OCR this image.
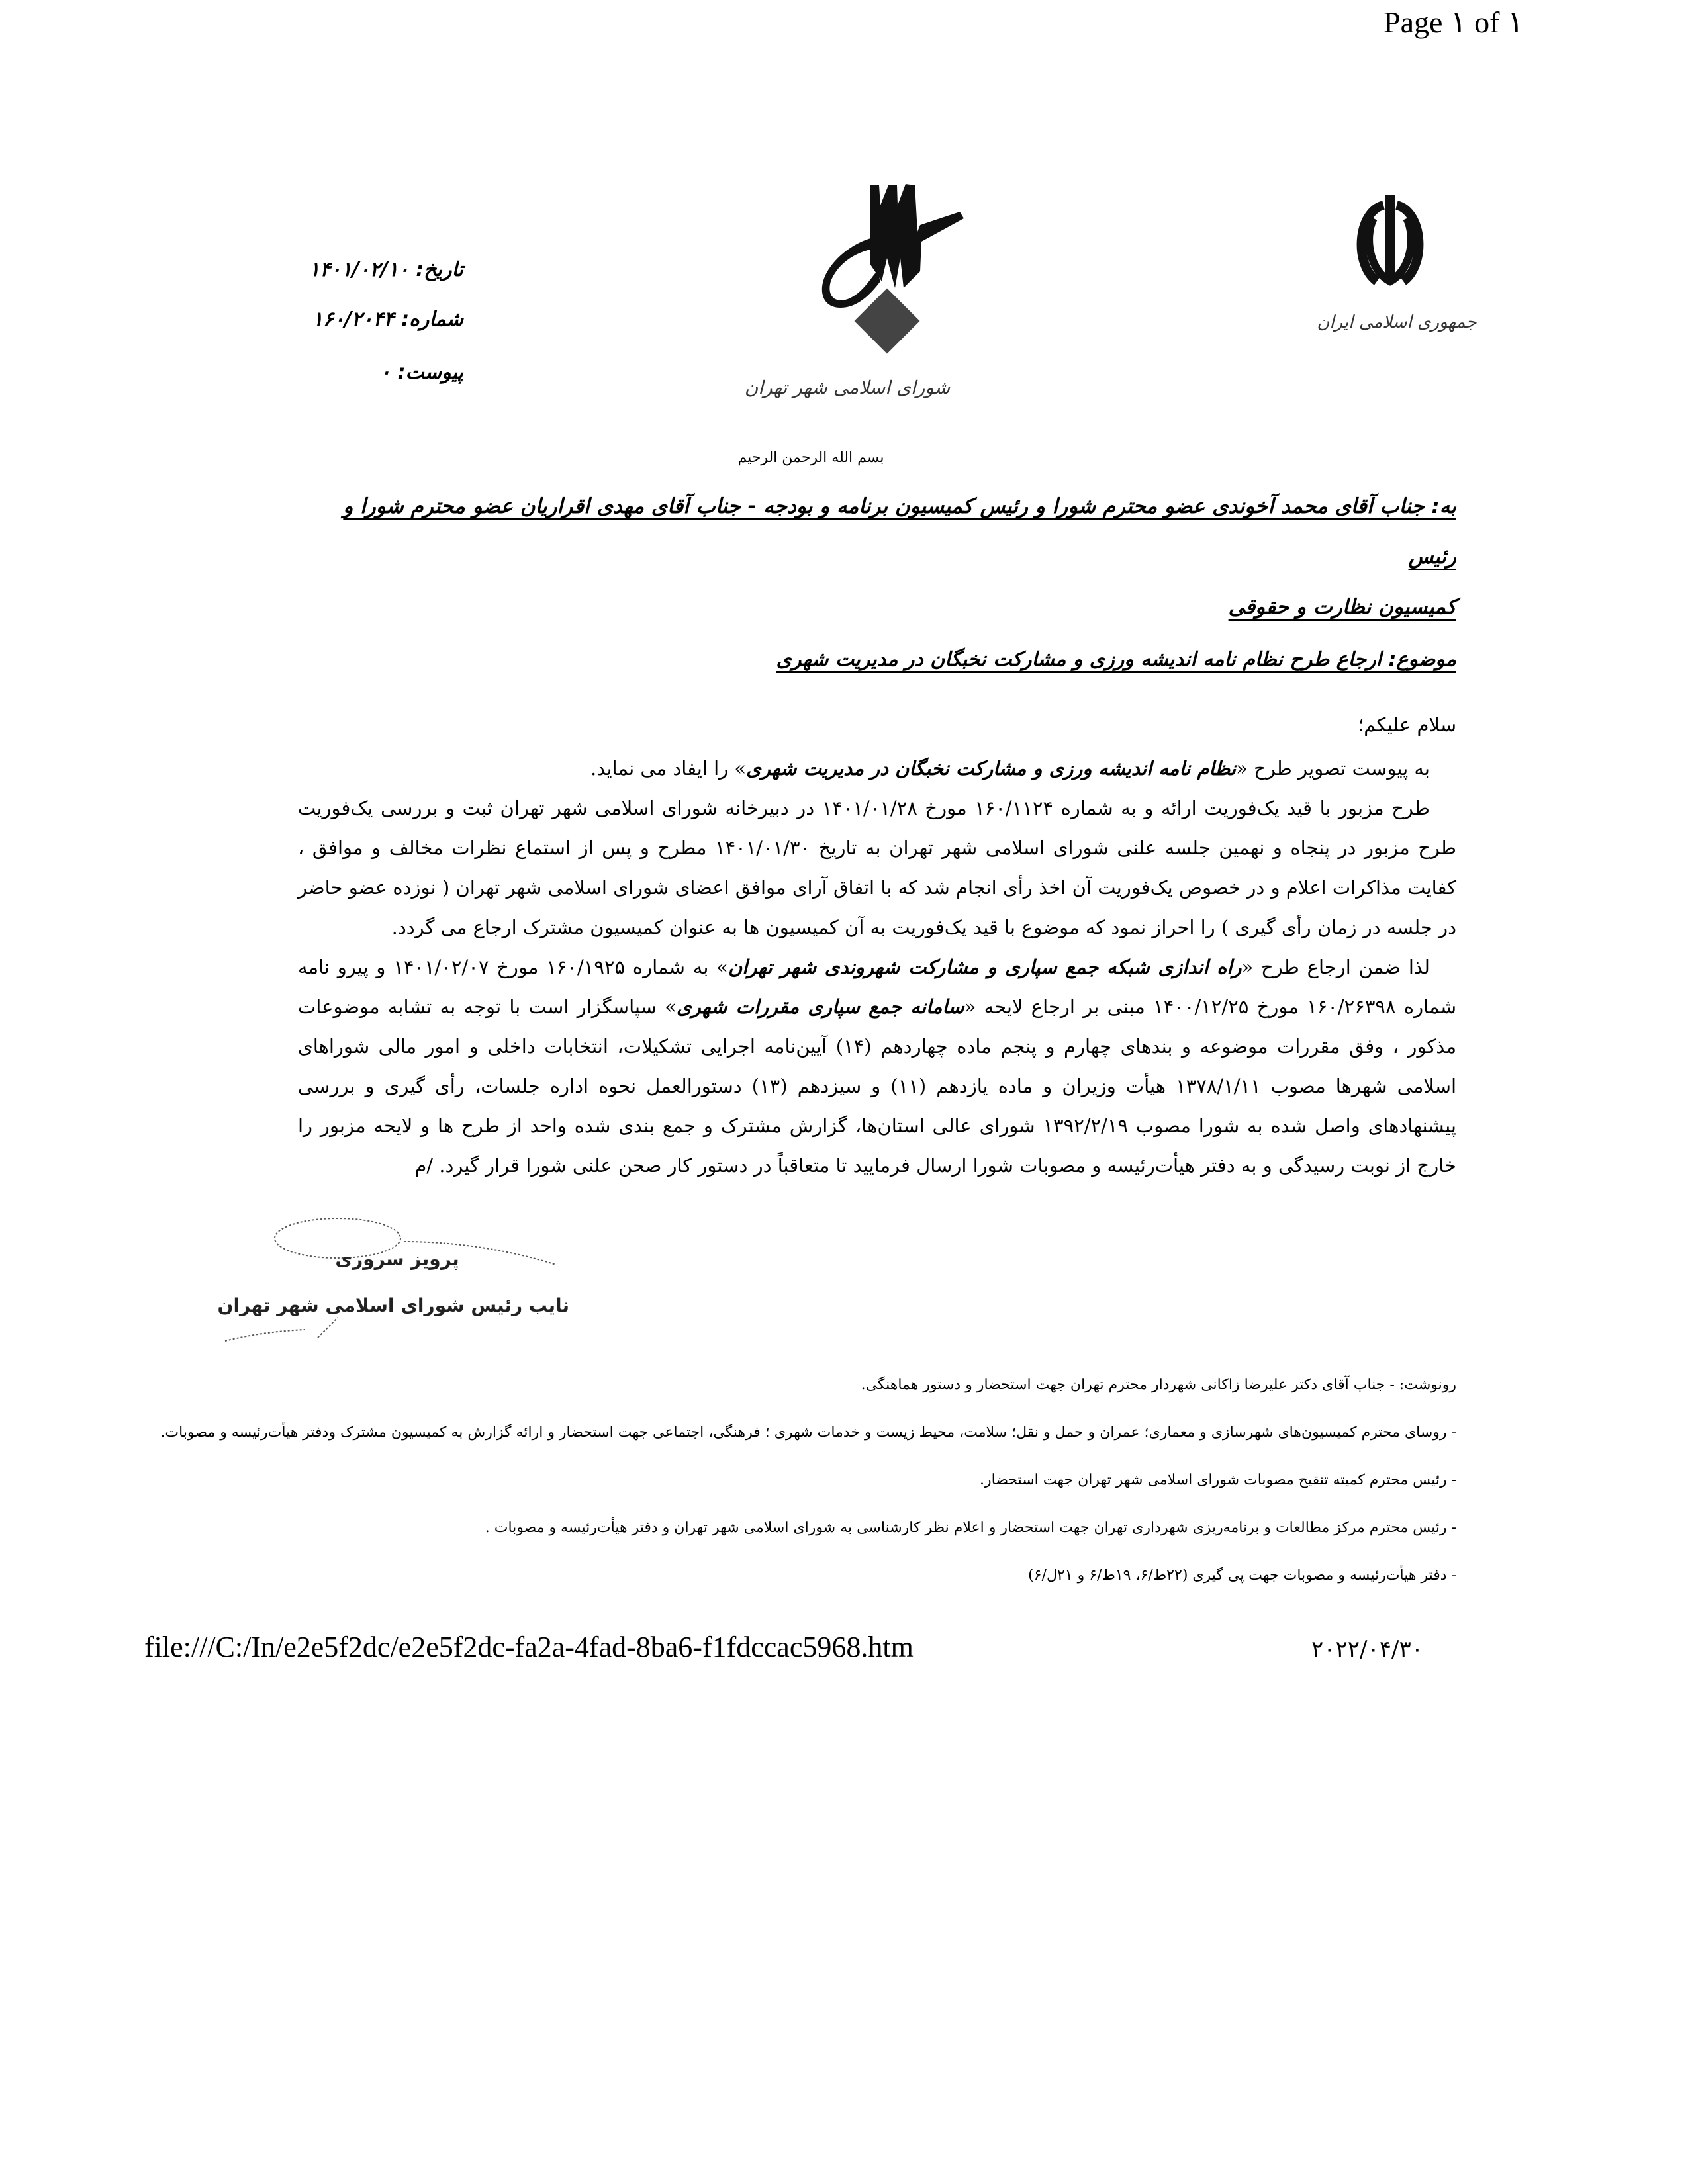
Page ۱ of ۱
تاریخ: ۱۴۰۱/۰۲/۱۰
شماره: ۱۶۰/۲۰۴۴
پیوست: ۰
شورای اسلامی شهر تهران
جمهوری اسلامی ایران
بسم الله الرحمن الرحیم
به: جناب آقای محمد آخوندی عضو محترم شورا و رئیس کمیسیون برنامه و بودجه - جناب آقای مهدی اقراریان عضو محترم شورا و رئیس
کمیسیون نظارت و حقوقی
موضوع: ارجاع طرح نظام نامه اندیشه ورزی و مشارکت نخبگان در مدیریت شهری

سلام علیکم؛

به پیوست تصویر طرح «نظام نامه اندیشه ورزی و مشارکت نخبگان در مدیریت شهری» را ایفاد می نماید.

طرح مزبور با قید یک‌فوریت ارائه و به شماره ۱۶۰/۱۱۲۴ مورخ ۱۴۰۱/۰۱/۲۸ در دبیرخانه شورای اسلامی شهر تهران ثبت و بررسی یک‌فوریت طرح مزبور در پنجاه و نهمین جلسه علنی شورای اسلامی شهر تهران به تاریخ ۱۴۰۱/۰۱/۳۰ مطرح و پس از استماع نظرات مخالف و موافق ، کفایت مذاکرات اعلام و در خصوص یک‌فوریت آن اخذ رأی انجام شد که با اتفاق آرای موافق اعضای شورای اسلامی شهر تهران ( نوزده عضو حاضر در جلسه در زمان رأی گیری ) را احراز نمود که موضوع با قید یک‌فوریت به آن کمیسیون ها به عنوان کمیسیون مشترک ارجاع می گردد.

لذا ضمن ارجاع طرح «راه اندازی شبکه جمع سپاری و مشارکت شهروندی شهر تهران» به شماره ۱۶۰/۱۹۲۵ مورخ ۱۴۰۱/۰۲/۰۷ و پیرو نامه شماره ۱۶۰/۲۶۳۹۸ مورخ ۱۴۰۰/۱۲/۲۵ مبنی بر ارجاع لایحه «سامانه جمع سپاری مقررات شهری» سپاسگزار است با توجه به تشابه موضوعات مذکور ، وفق مقررات موضوعه و بندهای چهارم و پنجم ماده چهاردهم (۱۴) آیین‌نامه اجرایی تشکیلات، انتخابات داخلی و امور مالی شوراهای اسلامی شهرها مصوب ۱۳۷۸/۱/۱۱ هیأت وزیران و ماده یازدهم (۱۱) و سیزدهم (۱۳) دستورالعمل نحوه اداره جلسات، رأی گیری و بررسی پیشنهادهای واصل شده به شورا مصوب ۱۳۹۲/۲/۱۹ شورای عالی استان‌ها، گزارش مشترک و جمع بندی شده واحد از طرح ها و لایحه مزبور را خارج از نوبت رسیدگی و به دفتر هیأت‌رئیسه و مصوبات شورا ارسال فرمایید تا متعاقباً در دستور کار صحن علنی شورا قرار گیرد. /م

پرویز سروری
نایب رئیس شورای اسلامی شهر تهران
رونوشت: - جناب آقای دکتر علیرضا زاکانی شهردار محترم تهران جهت استحضار و دستور هماهنگی.
- روسای محترم کمیسیون‌های شهرسازی و معماری؛ عمران و حمل و نقل؛ سلامت، محیط زیست و خدمات شهری ؛ فرهنگی، اجتماعی جهت استحضار و ارائه گزارش به کمیسیون مشترک ودفتر هیأت‌رئیسه و مصوبات.
- رئیس محترم کمیته تنقیح مصوبات شورای اسلامی شهر تهران جهت استحضار.
- رئیس محترم مرکز مطالعات و برنامه‌ریزی شهرداری تهران جهت استحضار و اعلام نظر کارشناسی به شورای اسلامی شهر تهران و دفتر هیأت‌رئیسه و مصوبات .
- دفتر هیأت‌رئیسه و مصوبات جهت پی گیری (۲۲ط/۶، ۱۹ط/۶ و ۲۱ل/۶)
file:///C:/In/e2e5f2dc/e2e5f2dc-fa2a-4fad-8ba6-f1fdccac5968.htm	۲۰۲۲/۰۴/۳۰
